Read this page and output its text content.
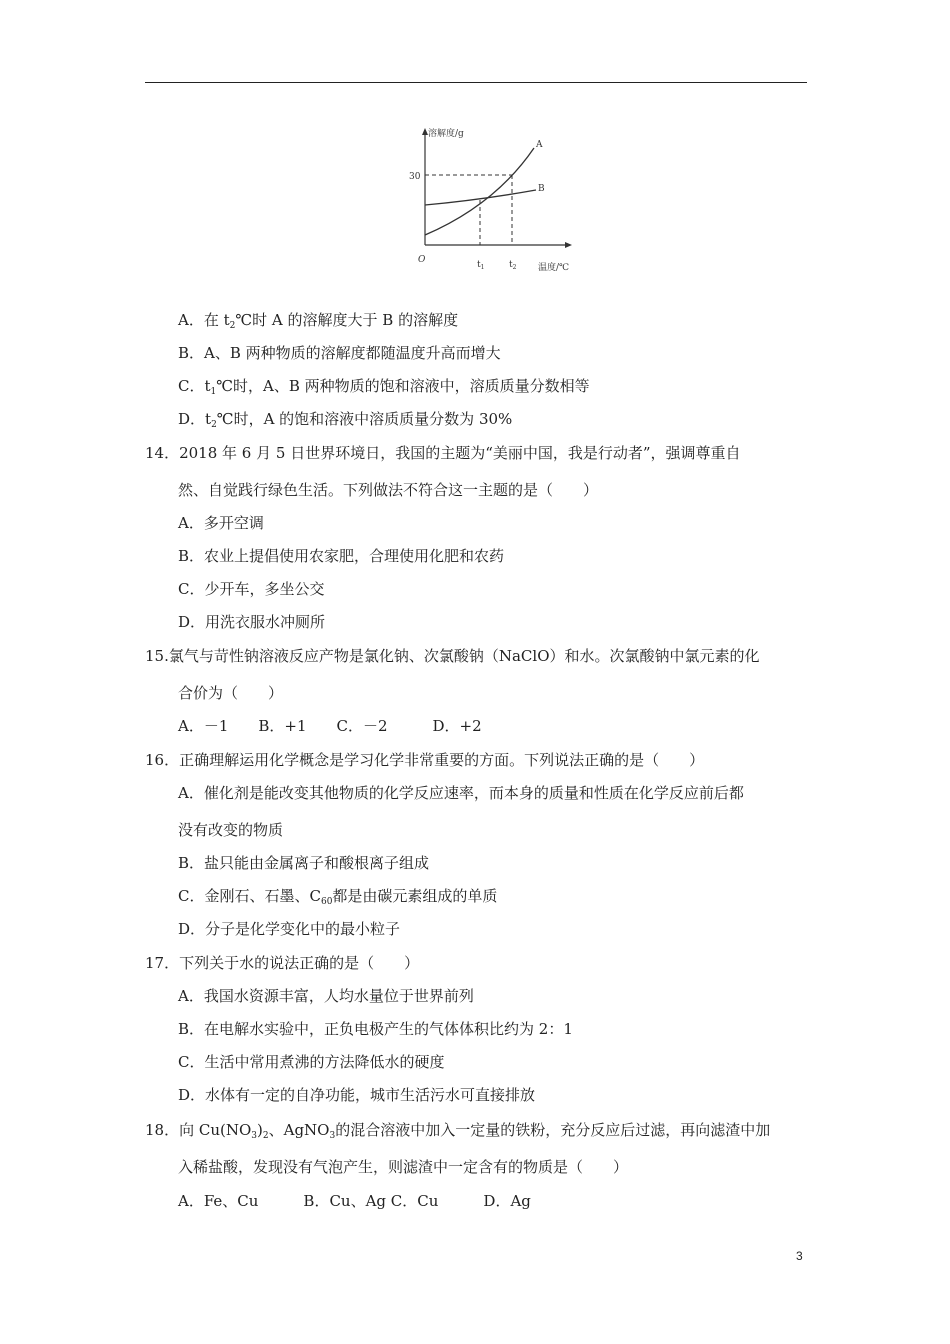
溶解度/g
30
O	$t_1$	$t_2$ 温度/℃
A
B
A．在 $t_2℃$时 A 的溶解度大于 B 的溶解度
B．A、B 两种物质的溶解度都随温度升高而增大
C．$t_1℃$时，A、B 两种物质的饱和溶液中，溶质质量分数相等
D．$t_2℃$时，A 的饱和溶液中溶质质量分数为 30%
14．2018 年 6 月 5 日世界环境日，我国的主题为“美丽中国，我是行动者”，强调尊重自
然、自觉践行绿色生活。下列做法不符合这一主题的是（　　）
A．多开空调
B．农业上提倡使用农家肥，合理使用化肥和农药
C．少开车，多坐公交
D．用洗衣服水冲厕所
15.氯气与苛性钠溶液反应产物是氯化钠、次氯酸钠（NaClO）和水。次氯酸钠中氯元素的化
合价为（　　）
A．－1　　B．+1　　C．－2　　　D．+2
16．正确理解运用化学概念是学习化学非常重要的方面。下列说法正确的是（　　）
A．催化剂是能改变其他物质的化学反应速率，而本身的质量和性质在化学反应前后都
没有改变的物质
B．盐只能由金属离子和酸根离子组成
C．金刚石、石墨、$C_{60}$都是由碳元素组成的单质
D．分子是化学变化中的最小粒子
17．下列关于水的说法正确的是（　　）
A．我国水资源丰富，人均水量位于世界前列
B．在电解水实验中，正负电极产生的气体体积比约为 2：1
C．生活中常用煮沸的方法降低水的硬度
D．水体有一定的自净功能，城市生活污水可直接排放
18．向 $Cu(NO_3)_2$、AgNO$_3$的混合溶液中加入一定量的铁粉，充分反应后过滤，再向滤渣中加
入稀盐酸，发现没有气泡产生，则滤渣中一定含有的物质是（　　）
A．Fe、Cu　　　B．Cu、Ag C．Cu　　　D．Ag
3
